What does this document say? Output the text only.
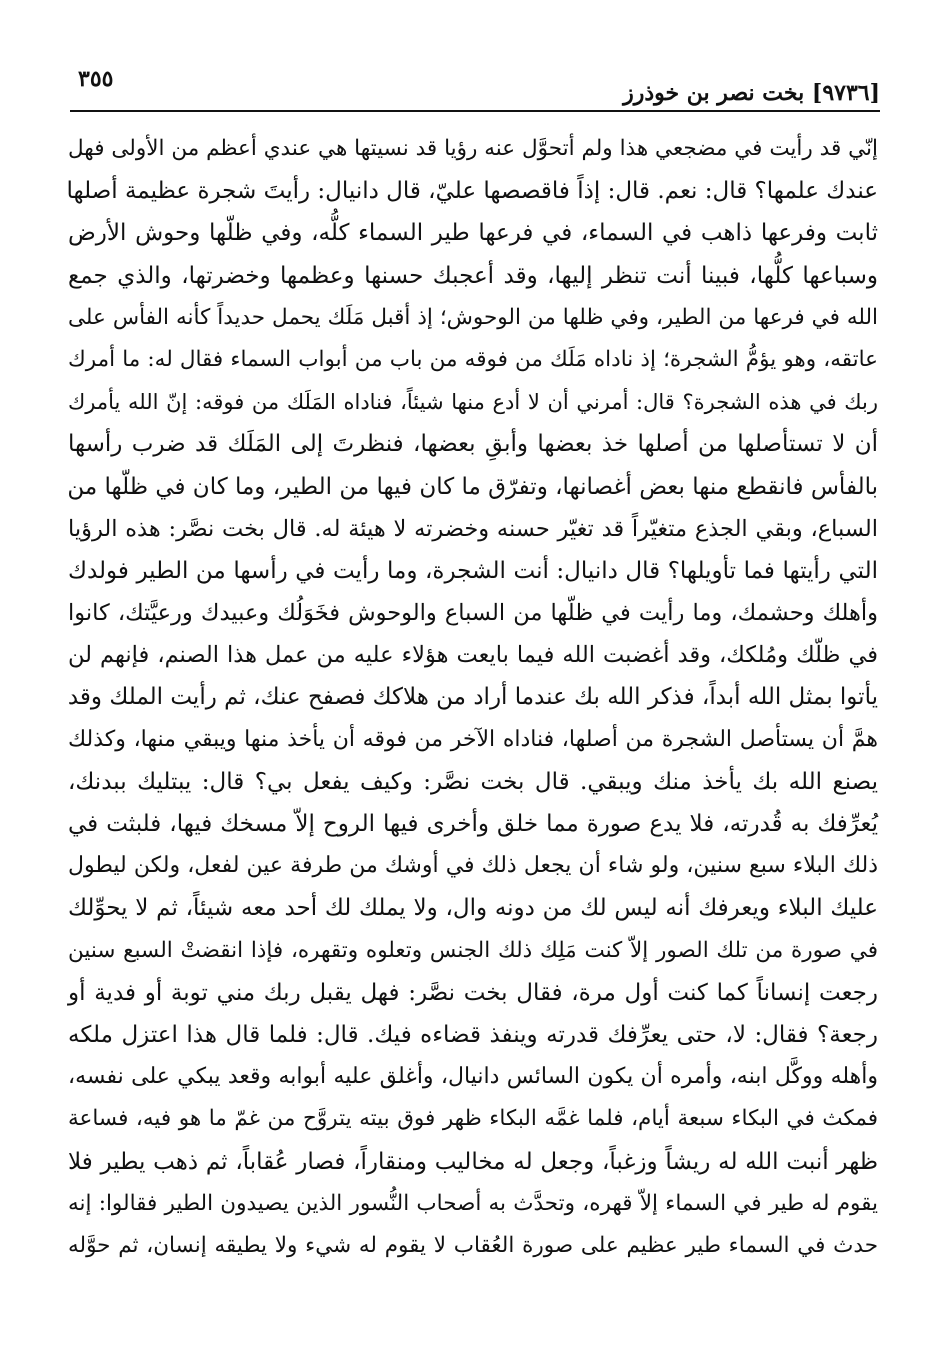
٣٥٥
[٩٧٣٦] بخت نصر بن خوذرز
إنّي قد رأيت في مضجعي هذا ولم أتحوَّل عنه رؤيا قد نسيتها هي عندي أعظم من الأولى فهل
عندك علمها؟ قال: نعم. قال: إذاً فاقصصها عليّ، قال دانيال: رأيتَ شجرة عظيمة أصلها
ثابت وفرعها ذاهب في السماء، في فرعها طير السماء كلُّه، وفي ظلّها وحوش الأرض
وسباعها كلُّها، فبينا أنت تنظر إليها، وقد أعجبك حسنها وعظمها وخضرتها، والذي جمع
الله في فرعها من الطير، وفي ظلها من الوحوش؛ إذ أقبل مَلَك يحمل حديداً كأنه الفأس على
عاتقه، وهو يؤمُّ الشجرة؛ إذ ناداه مَلَك من فوقه من باب من أبواب السماء فقال له: ما أمرك
ربك في هذه الشجرة؟ قال: أمرني أن لا أدع منها شيئاً، فناداه المَلَك من فوقه: إنّ الله يأمرك
أن لا تستأصلها من أصلها خذ بعضها وأبقِ بعضها، فنظرتَ إلى المَلَك قد ضرب رأسها
بالفأس فانقطع منها بعض أغصانها، وتفرّق ما كان فيها من الطير، وما كان في ظلّها من
السباع، وبقي الجذع متغيّراً قد تغيّر حسنه وخضرته لا هيئة له. قال بخت نصَّر: هذه الرؤيا
التي رأيتها فما تأويلها؟ قال دانيال: أنت الشجرة، وما رأيت في رأسها من الطير فولدك
وأهلك وحشمك، وما رأيت في ظلّها من السباع والوحوش فخَوَلُك وعبيدك ورعيَّتك، كانوا
في ظلّك ومُلكك، وقد أغضبت الله فيما بايعت هؤلاء عليه من عمل هذا الصنم، فإنهم لن
يأتوا بمثل الله أبداً، فذكر الله بك عندما أراد من هلاكك فصفح عنك، ثم رأيت الملك وقد
همَّ أن يستأصل الشجرة من أصلها، فناداه الآخر من فوقه أن يأخذ منها ويبقي منها، وكذلك
يصنع الله بك يأخذ منك ويبقي. قال بخت نصَّر: وكيف يفعل بي؟ قال: يبتليك ببدنك،
يُعرِّفك به قُدرته، فلا يدع صورة مما خلق وأخرى فيها الروح إلاّ مسخك فيها، فلبثت في
ذلك البلاء سبع سنين، ولو شاء أن يجعل ذلك في أوشك من طرفة عين لفعل، ولكن ليطول
عليك البلاء ويعرفك أنه ليس لك من دونه وال، ولا يملك لك أحد معه شيئاً، ثم لا يحوِّلك
في صورة من تلك الصور إلاّ كنت مَلِك ذلك الجنس وتعلوه وتقهره، فإذا انقضتْ السبع سنين
رجعت إنساناً كما كنت أول مرة، فقال بخت نصَّر: فهل يقبل ربك مني توبة أو فدية أو
رجعة؟ فقال: لا، حتى يعرِّفك قدرته وينفذ قضاءه فيك. قال: فلما قال هذا اعتزل ملكه
وأهله ووكَّل ابنه، وأمره أن يكون السائس دانيال، وأغلق عليه أبوابه وقعد يبكي على نفسه،
فمكث في البكاء سبعة أيام، فلما غمَّه البكاء ظهر فوق بيته يتروَّح من غمّ ما هو فيه، فساعة
ظهر أنبت الله له ريشاً وزغباً، وجعل له مخاليب ومنقاراً، فصار عُقاباً، ثم ذهب يطير فلا
يقوم له طير في السماء إلاّ قهره، وتحدَّث به أصحاب النُّسور الذين يصيدون الطير فقالوا: إنه
حدث في السماء طير عظيم على صورة العُقاب لا يقوم له شيء ولا يطيقه إنسان، ثم حوَّله
